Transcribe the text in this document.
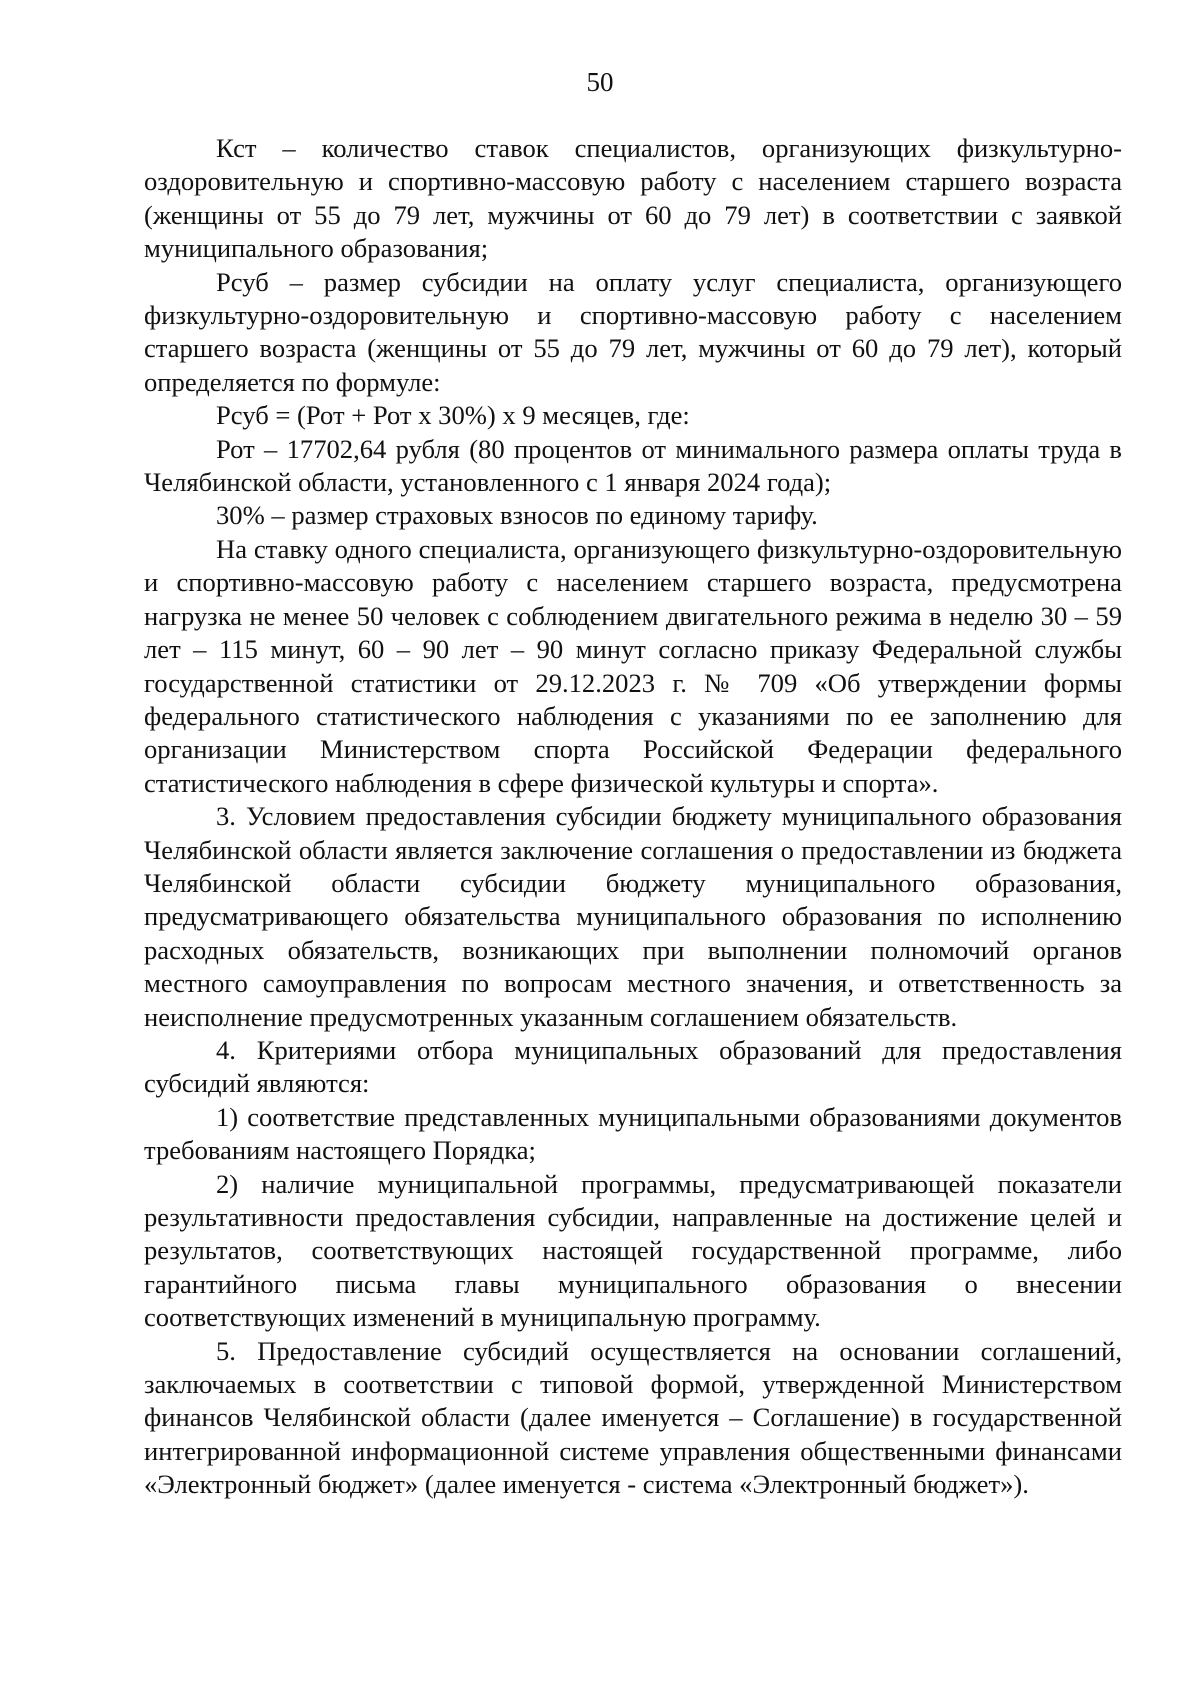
50

Кст – количество ставок специалистов, организующих физкультурно-оздоровительную и спортивно-массовую работу с населением старшего возраста (женщины от 55 до 79 лет, мужчины от 60 до 79 лет) в соответствии с заявкой муниципального образования;

Рсуб – размер субсидии на оплату услуг специалиста, организующего физкультурно-оздоровительную и спортивно-массовую работу с населением старшего возраста (женщины от 55 до 79 лет, мужчины от 60 до 79 лет), который определяется по формуле:

Рсуб = (Рот + Рот х 30%) х 9 месяцев, где:

Рот – 17702,64 рубля (80 процентов от минимального размера оплаты труда в Челябинской области, установленного с 1 января 2024 года);

30% – размер страховых взносов по единому тарифу.

На ставку одного специалиста, организующего физкультурно-оздоровительную и спортивно-массовую работу с населением старшего возраста, предусмотрена нагрузка не менее 50 человек с соблюдением двигательного режима в неделю 30 – 59 лет – 115 минут, 60 – 90 лет – 90 минут согласно приказу Федеральной службы государственной статистики от 29.12.2023 г. № 709 «Об утверждении формы федерального статистического наблюдения с указаниями по ее заполнению для организации Министерством спорта Российской Федерации федерального статистического наблюдения в сфере физической культуры и спорта».

3. Условием предоставления субсидии бюджету муниципального образования Челябинской области является заключение соглашения о предоставлении из бюджета Челябинской области субсидии бюджету муниципального образования, предусматривающего обязательства муниципального образования по исполнению расходных обязательств, возникающих при выполнении полномочий органов местного самоуправления по вопросам местного значения, и ответственность за неисполнение предусмотренных указанным соглашением обязательств.

4. Критериями отбора муниципальных образований для предоставления субсидий являются:

1) соответствие представленных муниципальными образованиями документов требованиям настоящего Порядка;

2) наличие муниципальной программы, предусматривающей показатели результативности предоставления субсидии, направленные на достижение целей и результатов, соответствующих настоящей государственной программе, либо гарантийного письма главы муниципального образования о внесении соответствующих изменений в муниципальную программу.

5. Предоставление субсидий осуществляется на основании соглашений, заключаемых в соответствии с типовой формой, утвержденной Министерством финансов Челябинской области (далее именуется – Соглашение) в государственной интегрированной информационной системе управления общественными финансами «Электронный бюджет» (далее именуется - система «Электронный бюджет»).
